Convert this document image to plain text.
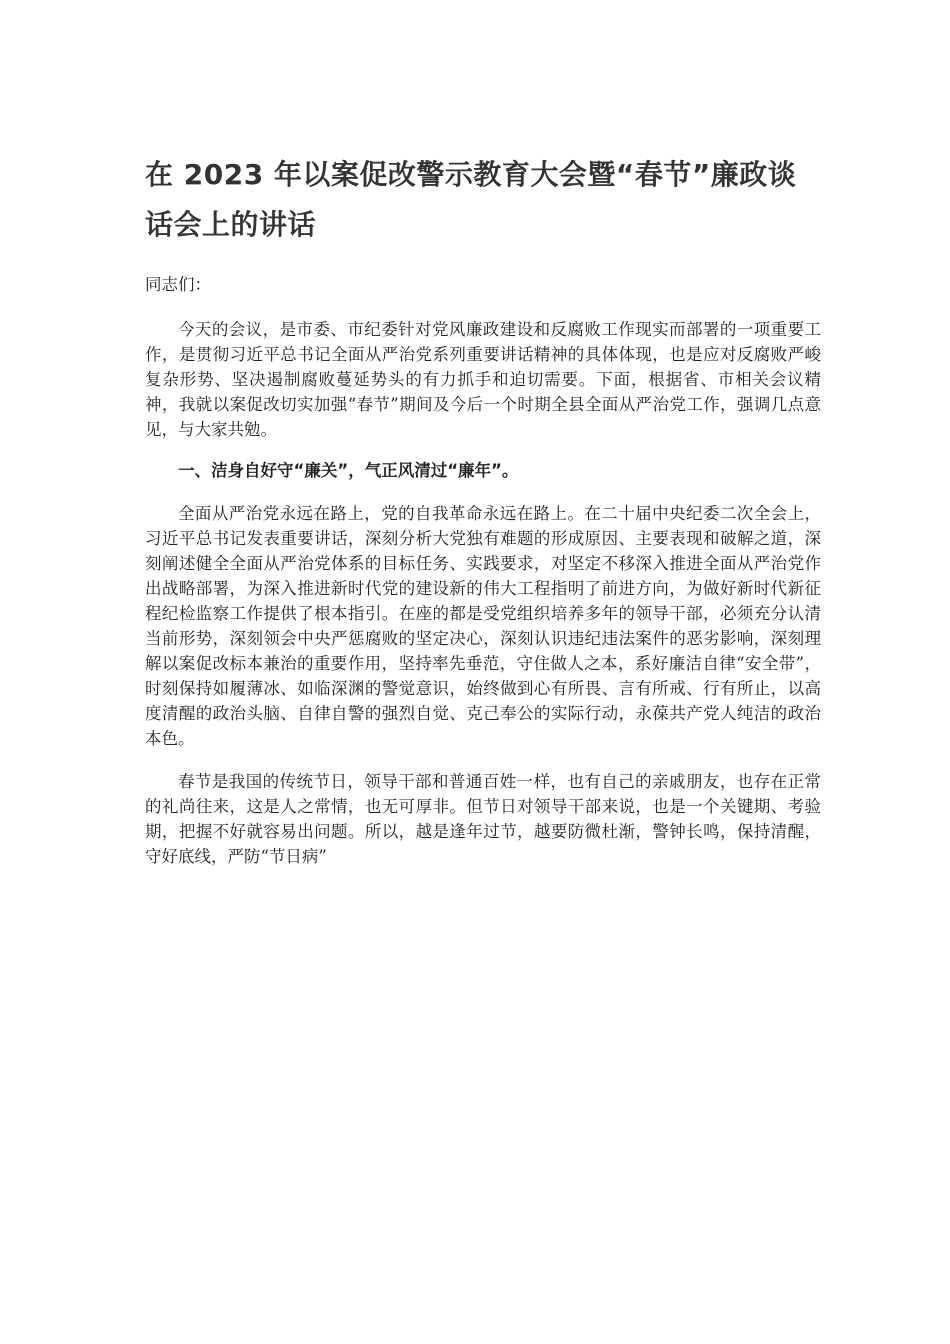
在 2023 年以案促改警示教育大会暨“春节”廉政谈话会上的讲话

同志们：

今天的会议，是市委、市纪委针对党风廉政建设和反腐败工作现实而部署的一项重要工作，是贯彻习近平总书记全面从严治党系列重要讲话精神的具体体现，也是应对反腐败严峻复杂形势、坚决遏制腐败蔓延势头的有力抓手和迫切需要。下面，根据省、市相关会议精神，我就以案促改切实加强“春节”期间及今后一个时期全县全面从严治党工作，强调几点意见，与大家共勉。

一、洁身自好守“廉关”，气正风清过“廉年”。

全面从严治党永远在路上，党的自我革命永远在路上。在二十届中央纪委二次全会上，习近平总书记发表重要讲话，深刻分析大党独有难题的形成原因、主要表现和破解之道，深刻阐述健全全面从严治党体系的目标任务、实践要求，对坚定不移深入推进全面从严治党作出战略部署，为深入推进新时代党的建设新的伟大工程指明了前进方向，为做好新时代新征程纪检监察工作提供了根本指引。在座的都是受党组织培养多年的领导干部，必须充分认清当前形势，深刻领会中央严惩腐败的坚定决心，深刻认识违纪违法案件的恶劣影响，深刻理解以案促改标本兼治的重要作用，坚持率先垂范，守住做人之本，系好廉洁自律“安全带”，时刻保持如履薄冰、如临深渊的警觉意识，始终做到心有所畏、言有所戒、行有所止，以高度清醒的政治头脑、自律自警的强烈自觉、克己奉公的实际行动，永葆共产党人纯洁的政治本色。

春节是我国的传统节日，领导干部和普通百姓一样，也有自己的亲戚朋友，也存在正常的礼尚往来，这是人之常情，也无可厚非。但节日对领导干部来说，也是一个关键期、考验期，把握不好就容易出问题。所以，越是逢年过节，越要防微杜渐，警钟长鸣，保持清醒，守好底线，严防“节日病”
